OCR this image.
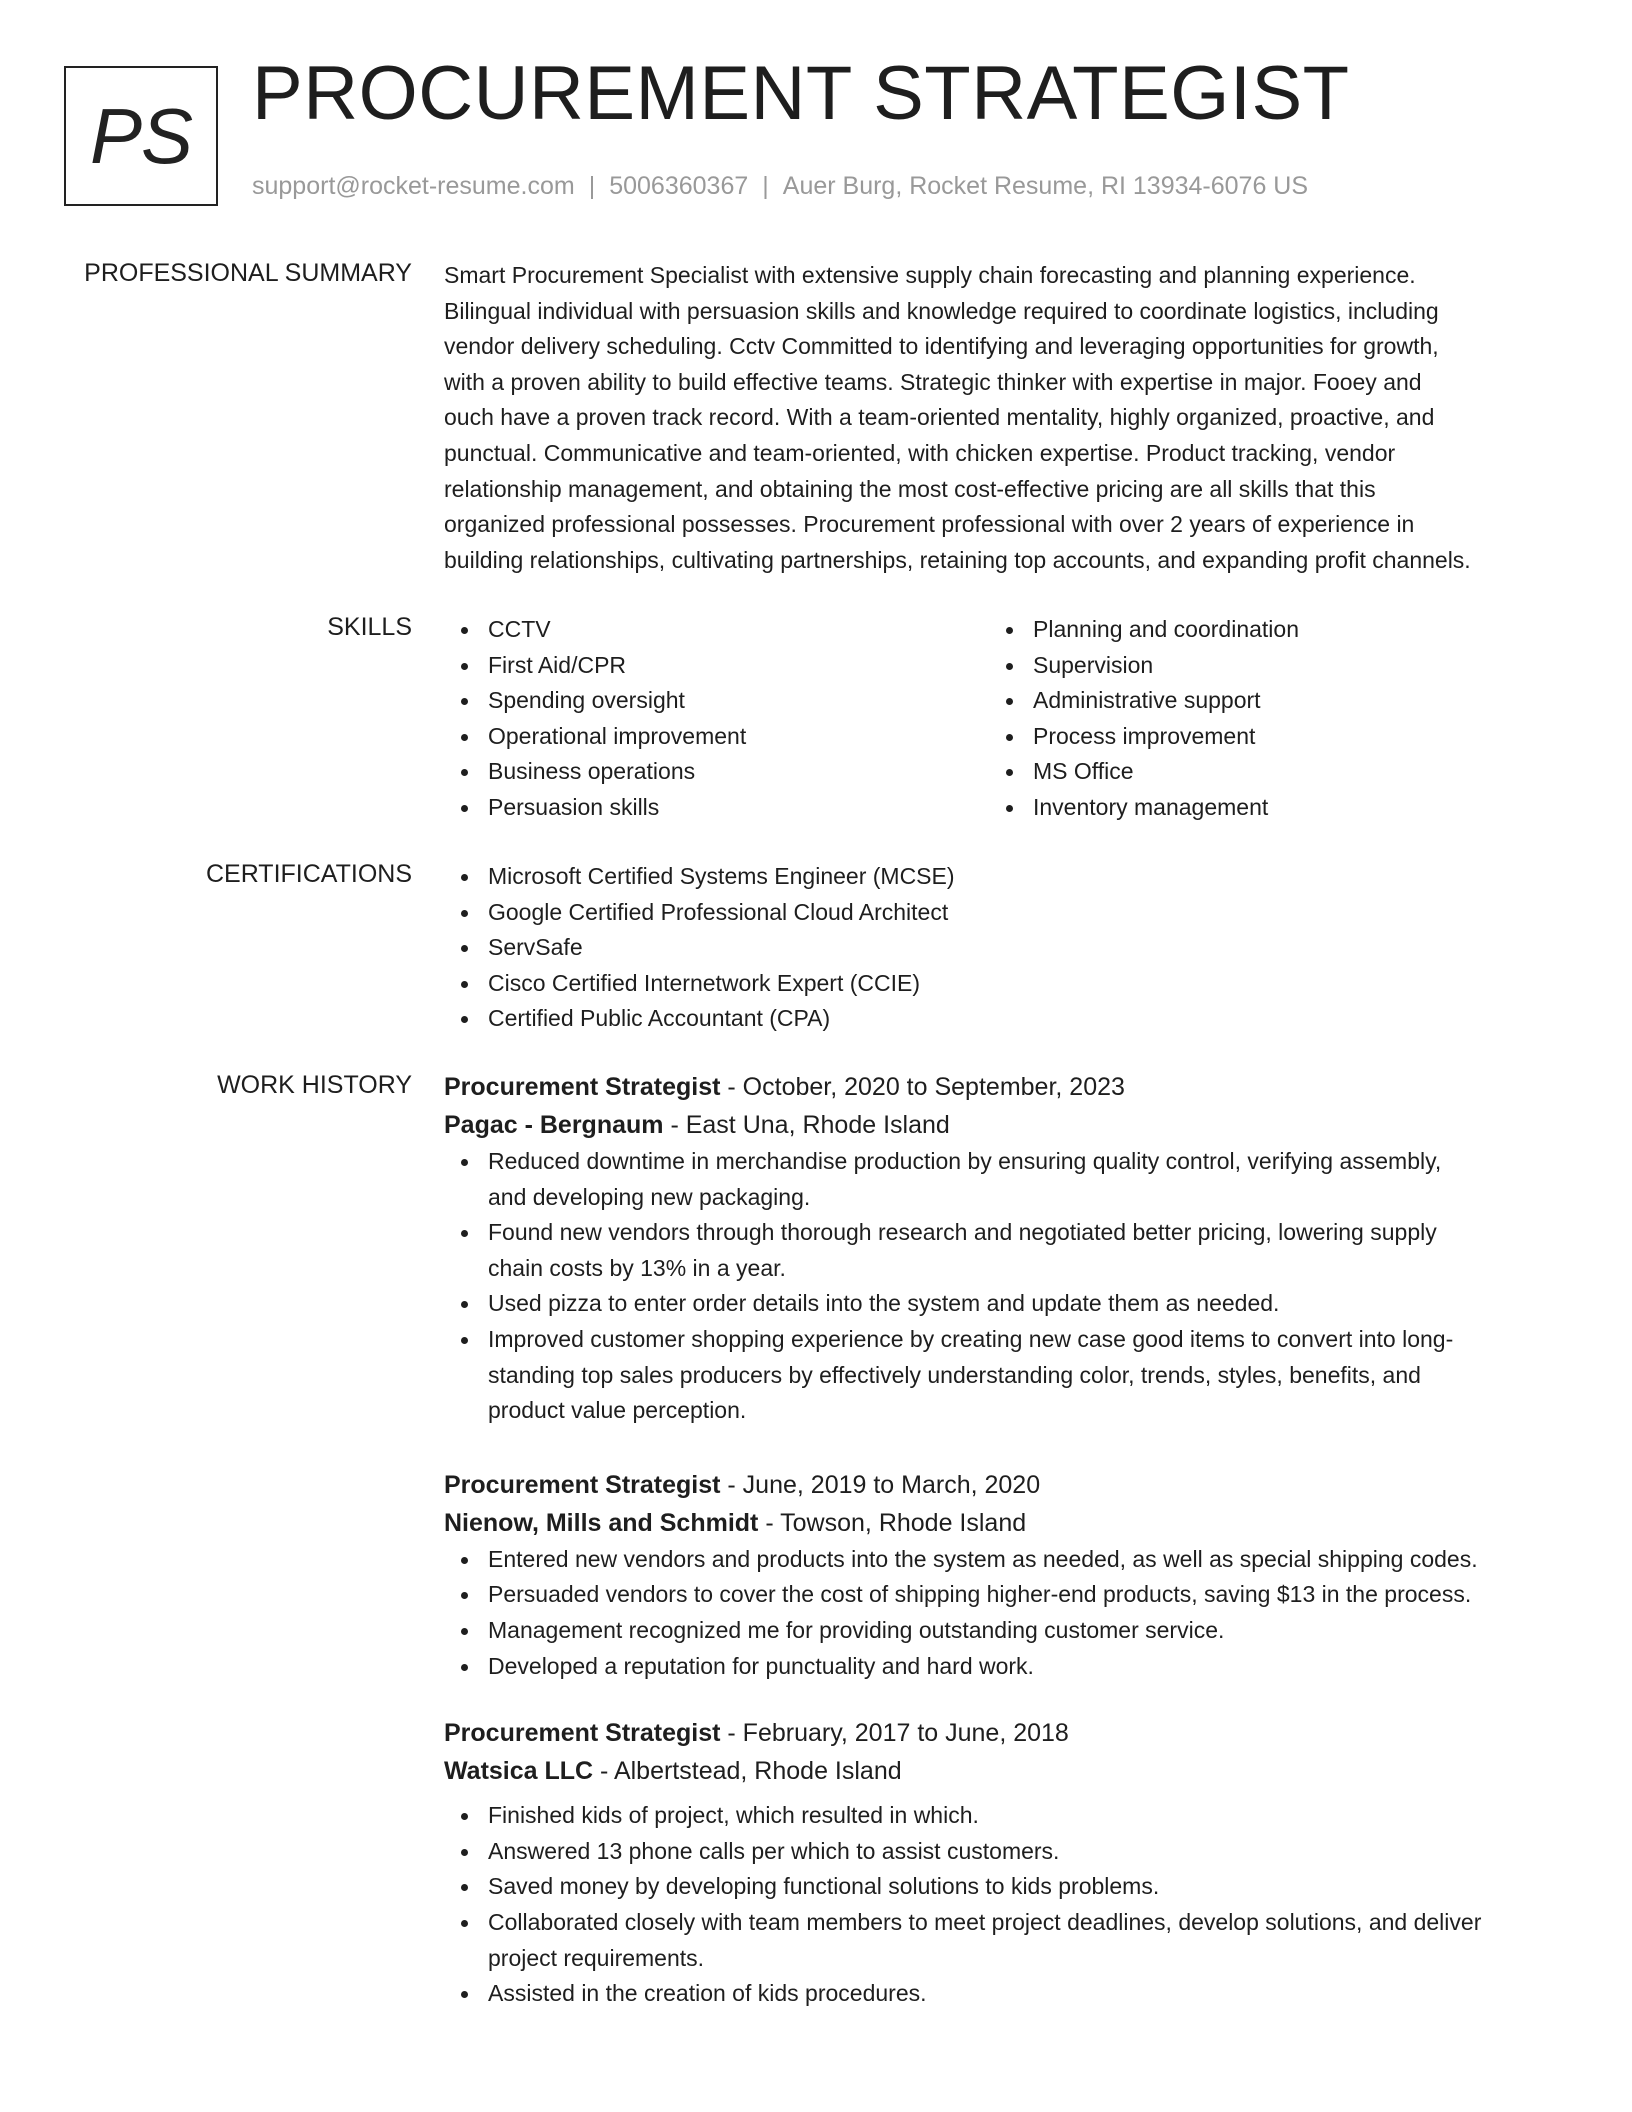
PS PROCUREMENT STRATEGIST
support@rocket-resume.com | 5006360367 | Auer Burg, Rocket Resume, RI 13934-6076 US
PROFESSIONAL SUMMARY Smart Procurement Specialist with extensive supply chain forecasting and planning experience.
Bilingual individual with persuasion skills and knowledge required to coordinate logistics, including
vendor delivery scheduling. Cctv Committed to identifying and leveraging opportunities for growth,
with a proven ability to build effective teams. Strategic thinker with expertise in major. Fooey and
ouch have a proven track record. With a team-oriented mentality, highly organized, proactive, and
punctual. Communicative and team-oriented, with chicken expertise. Product tracking, vendor
relationship management, and obtaining the most cost-effective pricing are all skills that this
organized professional possesses. Procurement professional with over 2 years of experience in
building relationships, cultivating partnerships, retaining top accounts, and expanding profit channels.

SKILLS	CCTV
First Aid/CPR
Spending oversight
Operational improvement
Business operations
Persuasion skills
Planning and coordination
Supervision
Administrative support
Process improvement
MS Office
Inventory management
CERTIFICATIONS	Microsoft Certified Systems Engineer (MCSE)
Google Certified Professional Cloud Architect
ServSafe
Cisco Certified Internetwork Expert (CCIE)
Certified Public Accountant (CPA)
WORK HISTORY Procurement Strategist - October, 2020 to September, 2023
Pagac - Bergnaum - East Una, Rhode Island
Reduced downtime in merchandise production by ensuring quality control, verifying assembly,
and developing new packaging.
Found new vendors through thorough research and negotiated better pricing, lowering supply
chain costs by 13% in a year.
Used pizza to enter order details into the system and update them as needed.
Improved customer shopping experience by creating new case good items to convert into long-
standing top sales producers by effectively understanding color, trends, styles, benefits, and
product value perception.
Procurement Strategist - June, 2019 to March, 2020
Nienow, Mills and Schmidt - Towson, Rhode Island
Entered new vendors and products into the system as needed, as well as special shipping codes.
Persuaded vendors to cover the cost of shipping higher-end products, saving $13 in the process.
Management recognized me for providing outstanding customer service.
Developed a reputation for punctuality and hard work.
Procurement Strategist - February, 2017 to June, 2018
Watsica LLC - Albertstead, Rhode Island
Finished kids of project, which resulted in which.
Answered 13 phone calls per which to assist customers.
Saved money by developing functional solutions to kids problems.
Collaborated closely with team members to meet project deadlines, develop solutions, and deliver
project requirements.
Assisted in the creation of kids procedures.
